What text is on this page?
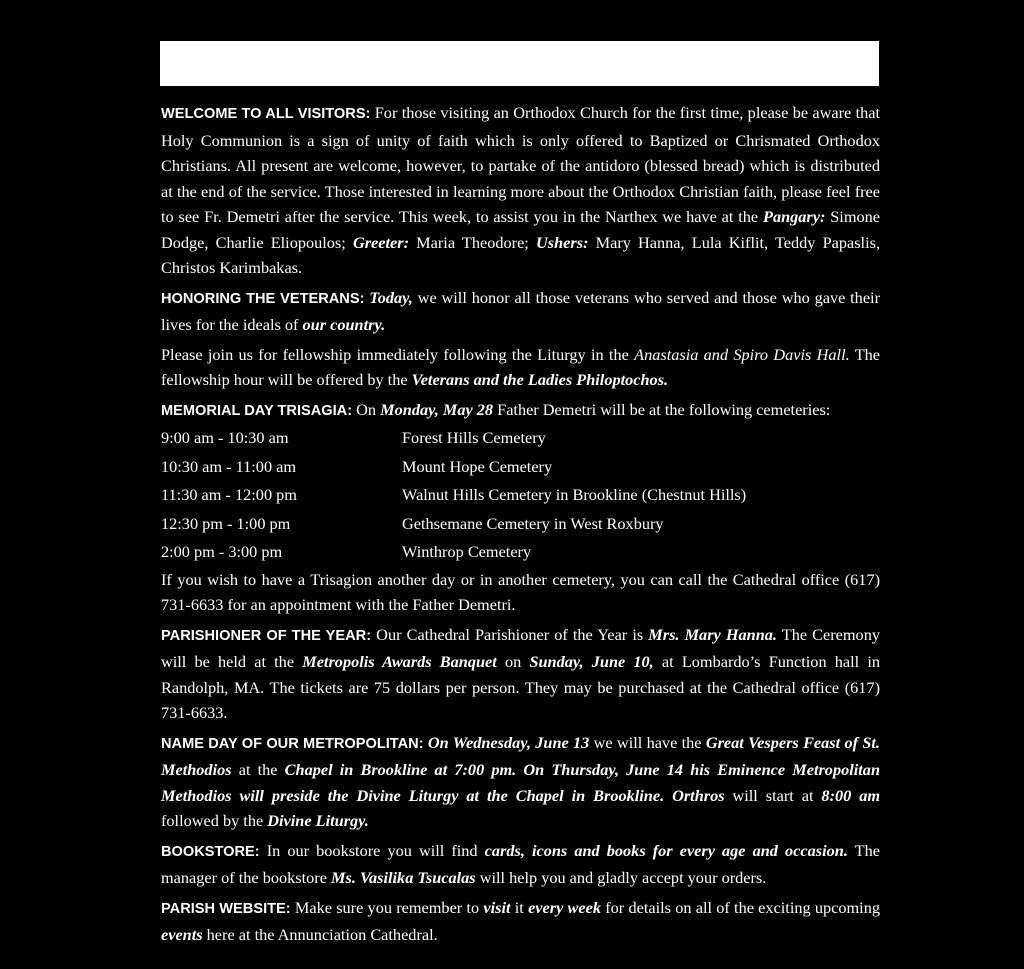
WELCOME TO ALL VISITORS: For those visiting an Orthodox Church for the first time, please be aware that Holy Communion is a sign of unity of faith which is only offered to Baptized or Chrismated Orthodox Christians. All present are welcome, however, to partake of the antidoro (blessed bread) which is distributed at the end of the service. Those interested in learning more about the Orthodox Christian faith, please feel free to see Fr. Demetri after the service. This week, to assist you in the Narthex we have at the Pangary: Simone Dodge, Charlie Eliopoulos; Greeter: Maria Theodore; Ushers: Mary Hanna, Lula Kiflit, Teddy Papaslis, Christos Karimbakas.

HONORING THE VETERANS: Today, we will honor all those veterans who served and those who gave their lives for the ideals of our country.

Please join us for fellowship immediately following the Liturgy in the Anastasia and Spiro Davis Hall. The fellowship hour will be offered by the Veterans and the Ladies Philoptochos.

MEMORIAL DAY TRISAGIA: On Monday, May 28 Father Demetri will be at the following cemeteries:

9:00 am - 10:30 am	Forest Hills Cemetery
10:30 am - 11:00 am	Mount Hope Cemetery
11:30 am - 12:00 pm	Walnut Hills Cemetery in Brookline (Chestnut Hills)
12:30 pm - 1:00 pm	Gethsemane Cemetery in West Roxbury
2:00 pm - 3:00 pm	Winthrop Cemetery

If you wish to have a Trisagion another day or in another cemetery, you can call the Cathedral office (617) 731-6633 for an appointment with the Father Demetri.

PARISHIONER OF THE YEAR: Our Cathedral Parishioner of the Year is Mrs. Mary Hanna. The Ceremony will be held at the Metropolis Awards Banquet on Sunday, June 10, at Lombardo’s Function hall in Randolph, MA. The tickets are 75 dollars per person. They may be purchased at the Cathedral office (617) 731-6633.

NAME DAY OF OUR METROPOLITAN: On Wednesday, June 13 we will have the Great Vespers Feast of St. Methodios at the Chapel in Brookline at 7:00 pm. On Thursday, June 14 his Eminence Metropolitan Methodios will preside the Divine Liturgy at the Chapel in Brookline. Orthros will start at 8:00 am followed by the Divine Liturgy.

BOOKSTORE: In our bookstore you will find cards, icons and books for every age and occasion. The manager of the bookstore Ms. Vasilika Tsucalas will help you and gladly accept your orders.

PARISH WEBSITE: Make sure you remember to visit it every week for details on all of the exciting upcoming events here at the Annunciation Cathedral.
